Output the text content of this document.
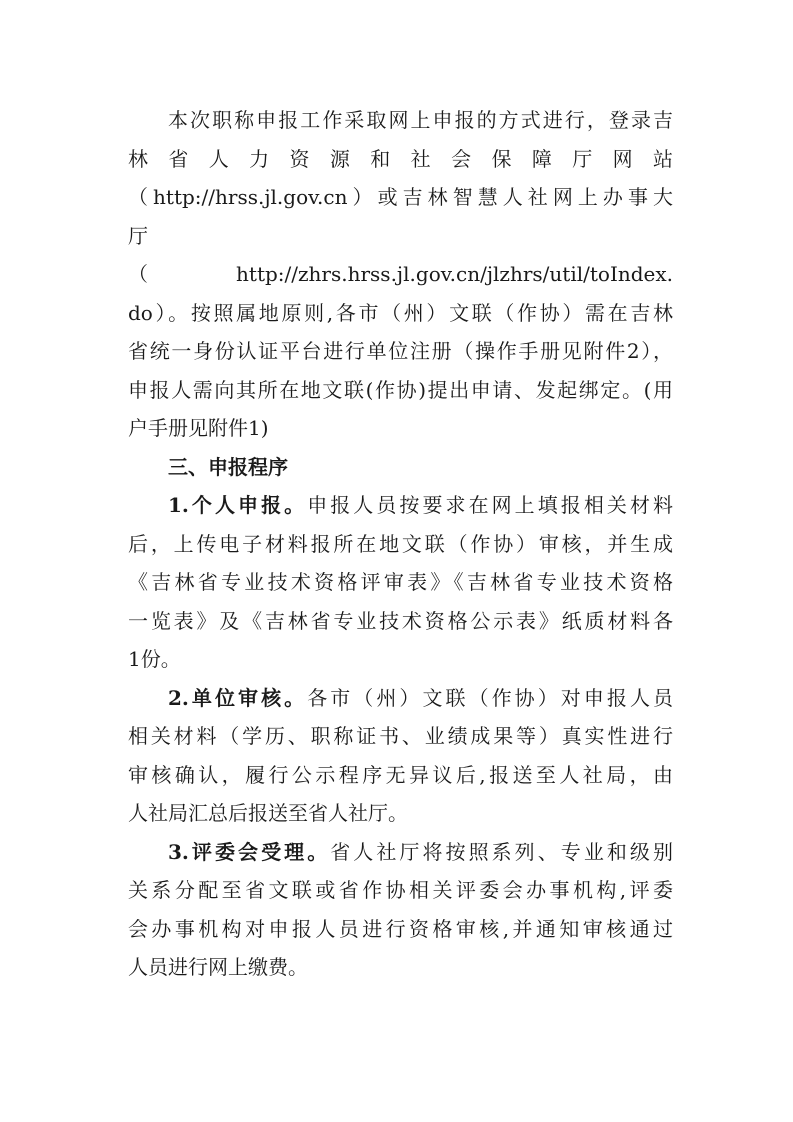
本次职称申报工作采取网上申报的方式进行，登录吉
林 省 人 力 资 源 和 社 会 保 障 厅 网 站
（http://hrss.jl.gov.cn）或吉林智慧人社网上办事大
厅
（http://zhrs.hrss.jl.gov.cn/jlzhrs/util/toIndex.
do）。按照属地原则,各市（州）文联（作协）需在吉林
省统一身份认证平台进行单位注册（操作手册见附件2），
申报人需向其所在地文联(作协)提出申请、发起绑定。(用
户手册见附件1)
三、申报程序
1.个人申报。申报人员按要求在网上填报相关材料
后，上传电子材料报所在地文联（作协）审核，并生成
《吉林省专业技术资格评审表》《吉林省专业技术资格
一览表》及《吉林省专业技术资格公示表》纸质材料各
1份。
2.单位审核。各市（州）文联（作协）对申报人员
相关材料（学历、职称证书、业绩成果等）真实性进行
审核确认，履行公示程序无异议后,报送至人社局，由
人社局汇总后报送至省人社厅。
3.评委会受理。省人社厅将按照系列、专业和级别
关系分配至省文联或省作协相关评委会办事机构,评委
会办事机构对申报人员进行资格审核,并通知审核通过
人员进行网上缴费。
